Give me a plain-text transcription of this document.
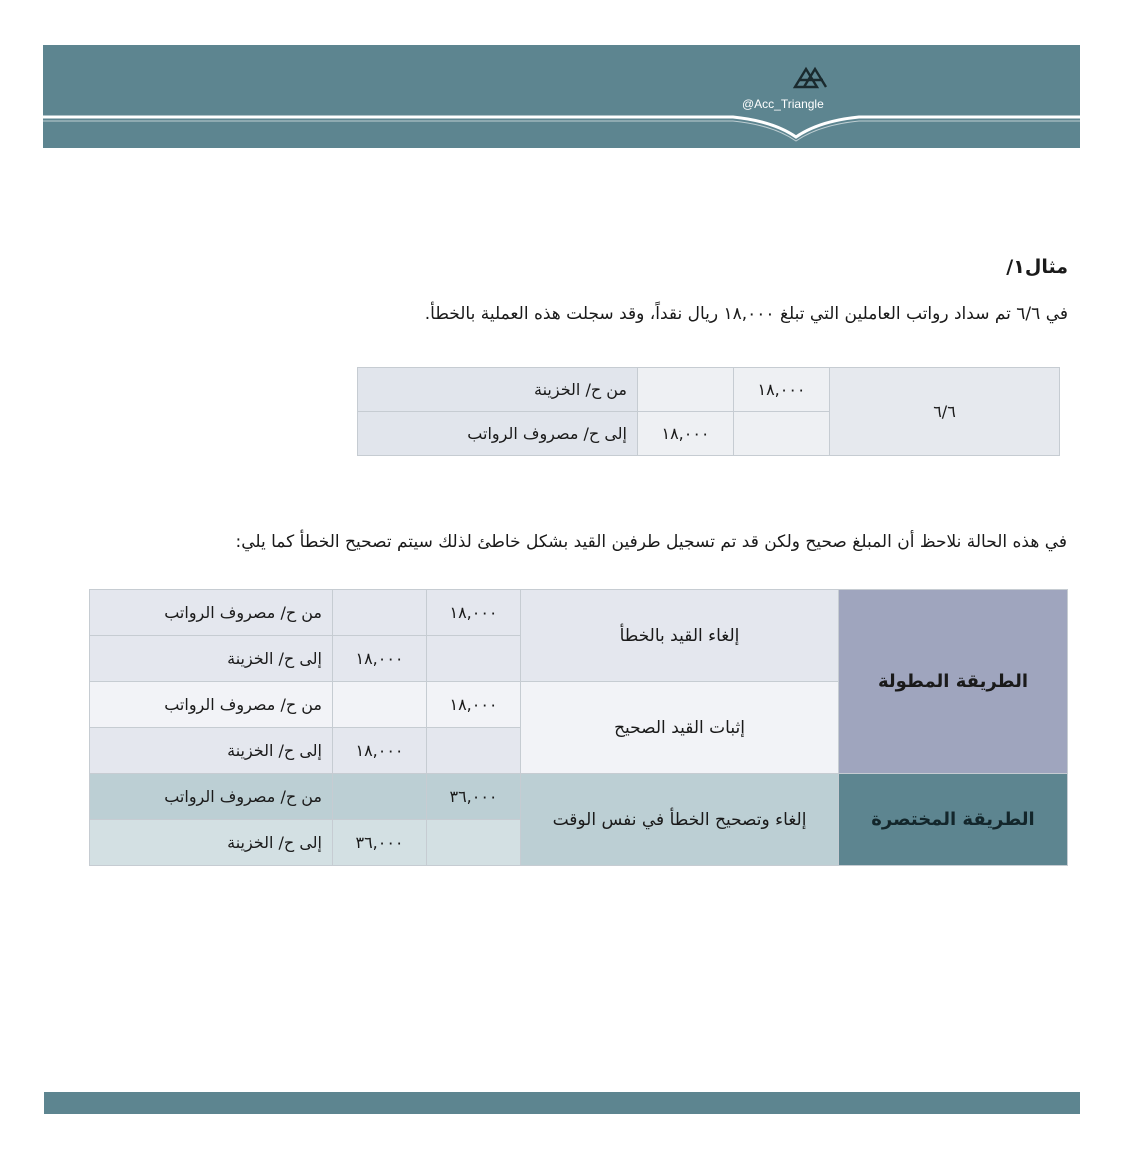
@Acc_Triangle
مثال١/
في ٦/٦ تم سداد رواتب العاملين التي تبلغ ١٨,٠٠٠ ريال نقداً، وقد سجلت هذه العملية بالخطأ.
٦/٦	١٨,٠٠٠		من ح/ الخزينة
		١٨,٠٠٠	إلى ح/ مصروف الرواتب
في هذه الحالة نلاحظ أن المبلغ صحيح ولكن قد تم تسجيل طرفين القيد بشكل خاطئ لذلك سيتم تصحيح الخطأ كما يلي:
الطريقة المطولة	إلغاء القيد بالخطأ	١٨,٠٠٠		من ح/ مصروف الرواتب
			١٨,٠٠٠	إلى ح/ الخزينة
	إثبات القيد الصحيح	١٨,٠٠٠		من ح/ مصروف الرواتب
			١٨,٠٠٠	إلى ح/ الخزينة
الطريقة المختصرة	إلغاء وتصحيح الخطأ في نفس الوقت	٣٦,٠٠٠		من ح/ مصروف الرواتب
			٣٦,٠٠٠	إلى ح/ الخزينة
